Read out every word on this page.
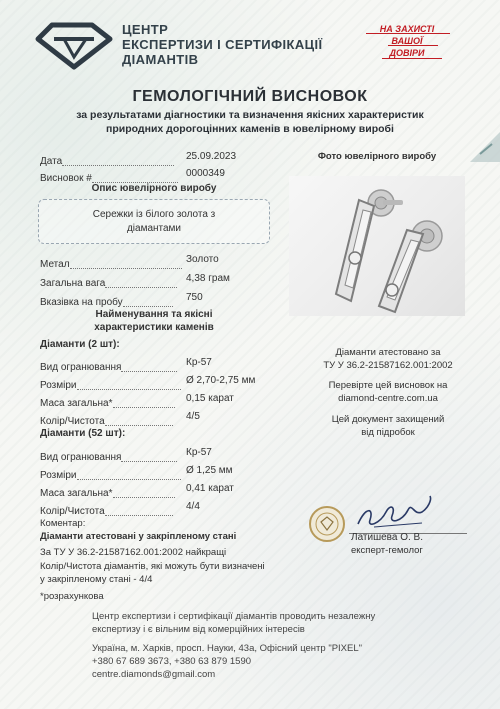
ЦЕНТР
ЕКСПЕРТИЗИ І СЕРТИФІКАЦІЇ
ДІАМАНТІВ
НА ЗАХИСТІ
ВАШОЇ
ДОВІРИ
ГЕМОЛОГІЧНИЙ ВИСНОВОК
за результатами діагностики та визначення якісних характеристик
природних дорогоцінних каменів в ювелірному виробі
Дата	25.09.2023
Висновок #	0000349
Опис ювелірного виробу
Сережки із білого золота з
діамантами
Метал	Золото
Загальна вага	4,38 грам
Вказівка на пробу	750
Найменування та якісні
характеристики каменів
Діаманти (2 шт):
Вид огранювання	Кр-57
Розміри	Ø 2,70-2,75 мм
Маса загальна*	0,15 карат
Колір/Чистота	4/5
Діаманти (52 шт):
Вид огранювання	Кр-57
Розміри	Ø 1,25 мм
Маса загальна*	0,41 карат
Колір/Чистота	4/4
Фото ювелірного виробу
Діаманти атестовано за
ТУ У 36.2-21587162.001:2002
Перевірте цей висновок на
diamond-centre.com.ua
Цей документ захищений
від підробок
Коментар:
Діаманти атестовані у закріпленому стані
За ТУ У 36.2-21587162.001:2002 найкращі
Колір/Чистота діамантів, які можуть бути визначені
у закріпленому стані - 4/4
Латишева О. В.
експерт-гемолог
*розрахункова
Центр експертизи і сертифікації діамантів проводить незалежну
експертизу і є вільним від комерційних інтересів
Україна, м. Харків, просп. Науки, 43а, Офісний центр "PIXEL"
+380 67 689 3673, +380 63 879 1590
centre.diamonds@gmail.com
